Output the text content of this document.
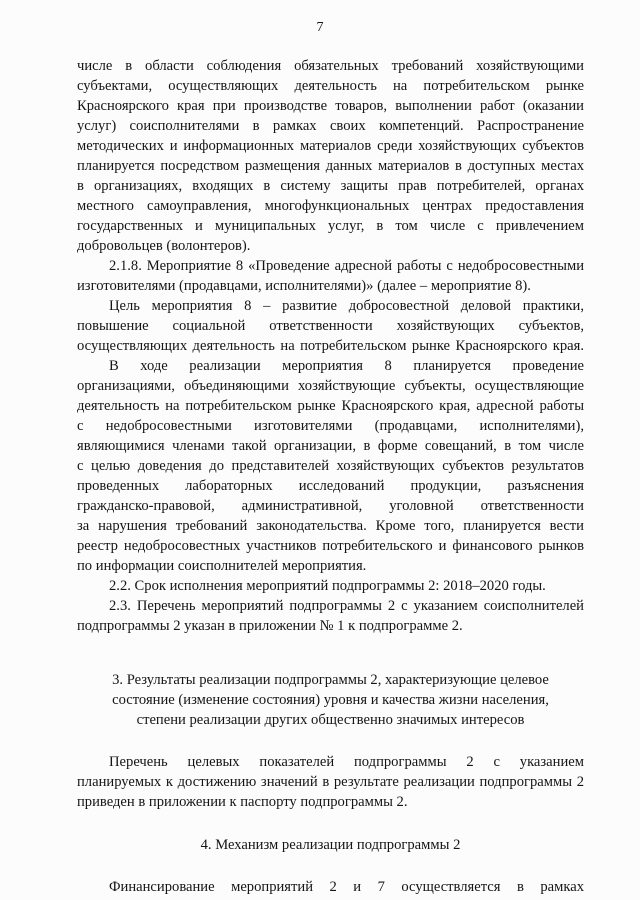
7
числе в области соблюдения обязательных требований хозяйствующими
субъектами, осуществляющих деятельность на потребительском рынке
Красноярского края при производстве товаров, выполнении работ (оказании
услуг) соисполнителями в рамках своих компетенций. Распространение
методических и информационных материалов среди хозяйствующих субъектов
планируется посредством размещения данных материалов в доступных местах
в организациях, входящих в систему защиты прав потребителей, органах
местного самоуправления, многофункциональных центрах предоставления
государственных и муниципальных услуг, в том числе с привлечением
добровольцев (волонтеров).
2.1.8. Мероприятие 8 «Проведение адресной работы с недобросовестными
изготовителями (продавцами, исполнителями)» (далее – мероприятие 8).
Цель мероприятия 8 – развитие добросовестной деловой практики,
повышение социальной ответственности хозяйствующих субъектов,
осуществляющих деятельность на потребительском рынке Красноярского края.
В ходе реализации мероприятия 8 планируется проведение
организациями, объединяющими хозяйствующие субъекты, осуществляющие
деятельность на потребительском рынке Красноярского края, адресной работы
с недобросовестными изготовителями (продавцами, исполнителями),
являющимися членами такой организации, в форме совещаний, в том числе
с целью доведения до представителей хозяйствующих субъектов результатов
проведенных лабораторных исследований продукции, разъяснения
гражданско-правовой, административной, уголовной ответственности
за нарушения требований законодательства. Кроме того, планируется вести
реестр недобросовестных участников потребительского и финансового рынков
по информации соисполнителей мероприятия.
2.2. Срок исполнения мероприятий подпрограммы 2: 2018–2020 годы.
2.3. Перечень мероприятий подпрограммы 2 с указанием соисполнителей
подпрограммы 2 указан в приложении № 1 к подпрограмме 2.
3. Результаты реализации подпрограммы 2, характеризующие целевое
состояние (изменение состояния) уровня и качества жизни населения,
степени реализации других общественно значимых интересов
Перечень целевых показателей подпрограммы 2 с указанием
планируемых к достижению значений в результате реализации подпрограммы 2
приведен в приложении к паспорту подпрограммы 2.
4. Механизм реализации подпрограммы 2
Финансирование мероприятий 2 и 7 осуществляется в рамках
